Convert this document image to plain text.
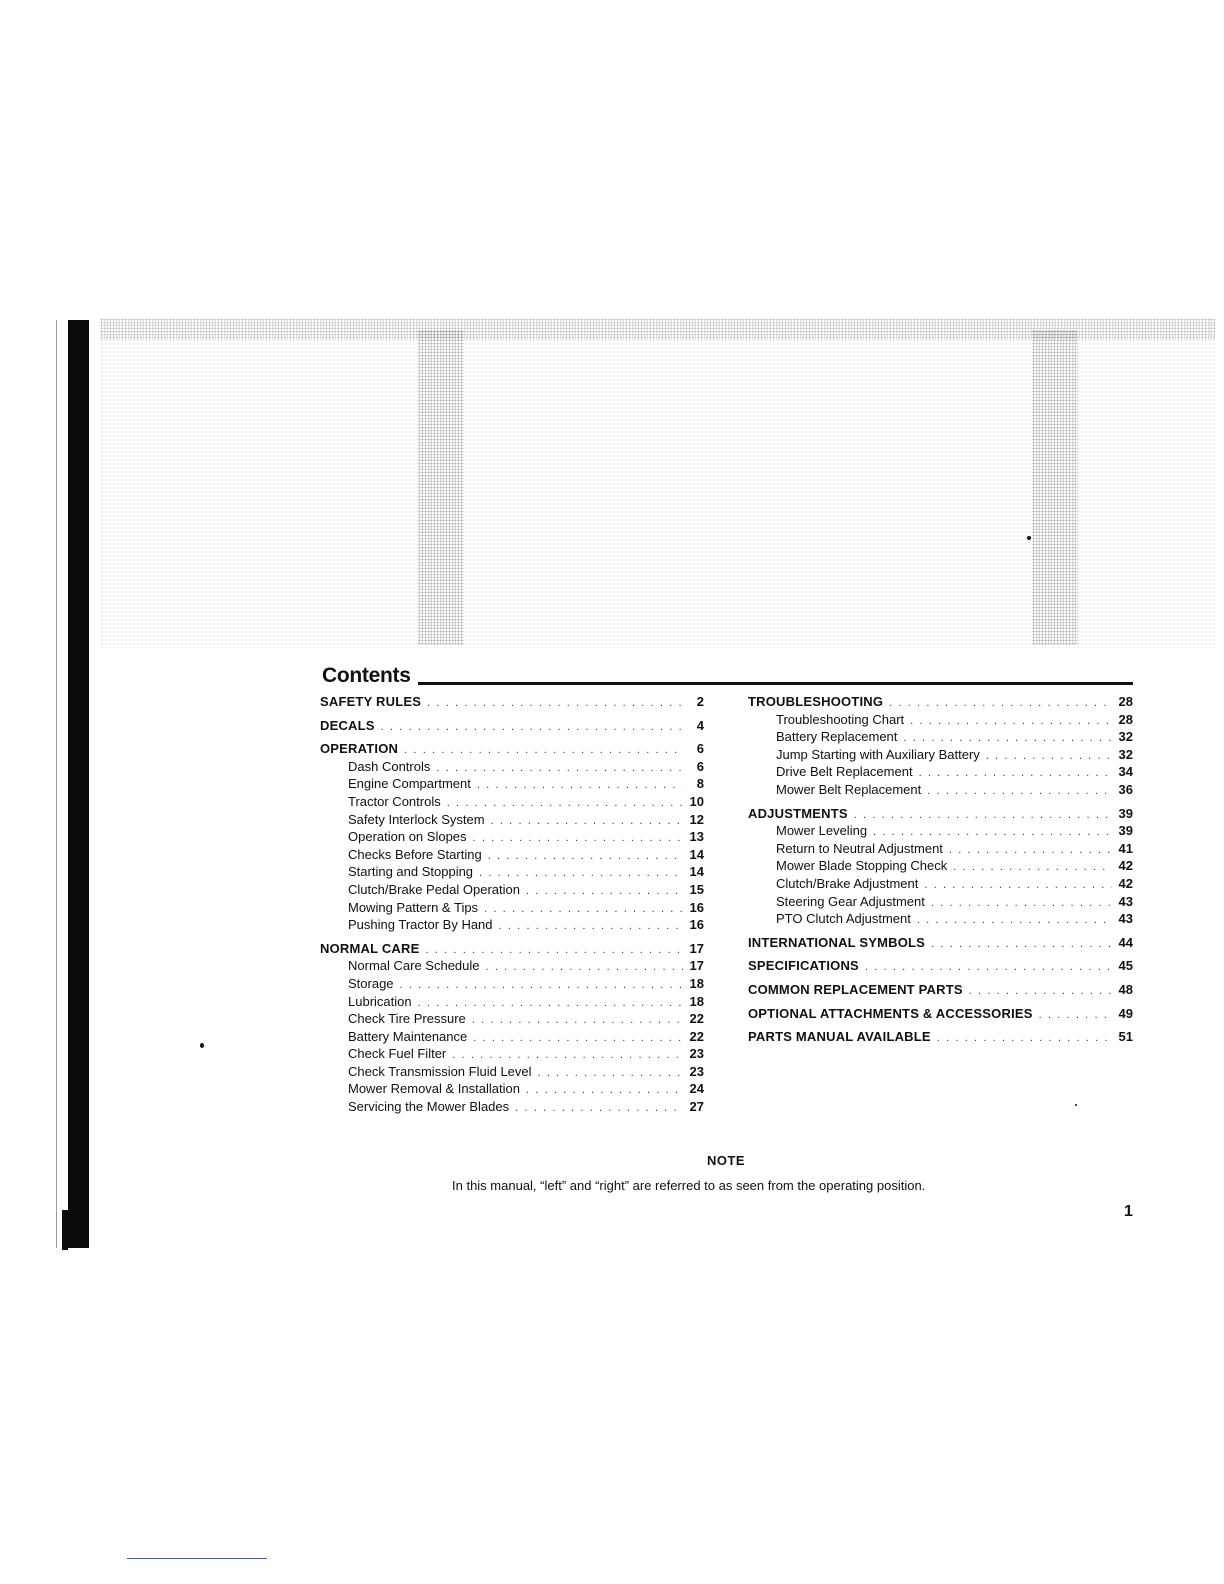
Contents
SAFETY RULES . . .	2
DECALS . . .	4
OPERATION . . .	6
Dash Controls . . .	6
Engine Compartment . . .	8
Tractor Controls . . .	10
Safety Interlock System . . .	12
Operation on Slopes . . .	13
Checks Before Starting . . .	14
Starting and Stopping . . .	14
Clutch/Brake Pedal Operation . . .	15
Mowing Pattern & Tips . . .	16
Pushing Tractor By Hand . . .	16
NORMAL CARE . . .	17
Normal Care Schedule . . .	17
Storage . . .	18
Lubrication . . .	18
Check Tire Pressure . . .	22
Battery Maintenance . . .	22
Check Fuel Filter . . .	23
Check Transmission Fluid Level . . .	23
Mower Removal & Installation . . .	24
Servicing the Mower Blades . . .	27
TROUBLESHOOTING . . .	28
Troubleshooting Chart . . .	28
Battery Replacement . . .	32
Jump Starting with Auxiliary Battery . . .	32
Drive Belt Replacement . . .	34
Mower Belt Replacement . . .	36
ADJUSTMENTS . . .	39
Mower Leveling . . .	39
Return to Neutral Adjustment . . .	41
Mower Blade Stopping Check . . .	42
Clutch/Brake Adjustment . . .	42
Steering Gear Adjustment . . .	43
PTO Clutch Adjustment . . .	43
INTERNATIONAL SYMBOLS . . .	44
SPECIFICATIONS . . .	45
COMMON REPLACEMENT PARTS . . .	48
OPTIONAL ATTACHMENTS & ACCESSORIES . . .	49
PARTS MANUAL AVAILABLE . . .	51
NOTE
In this manual, “left” and “right” are referred to as seen from the operating position.
1
